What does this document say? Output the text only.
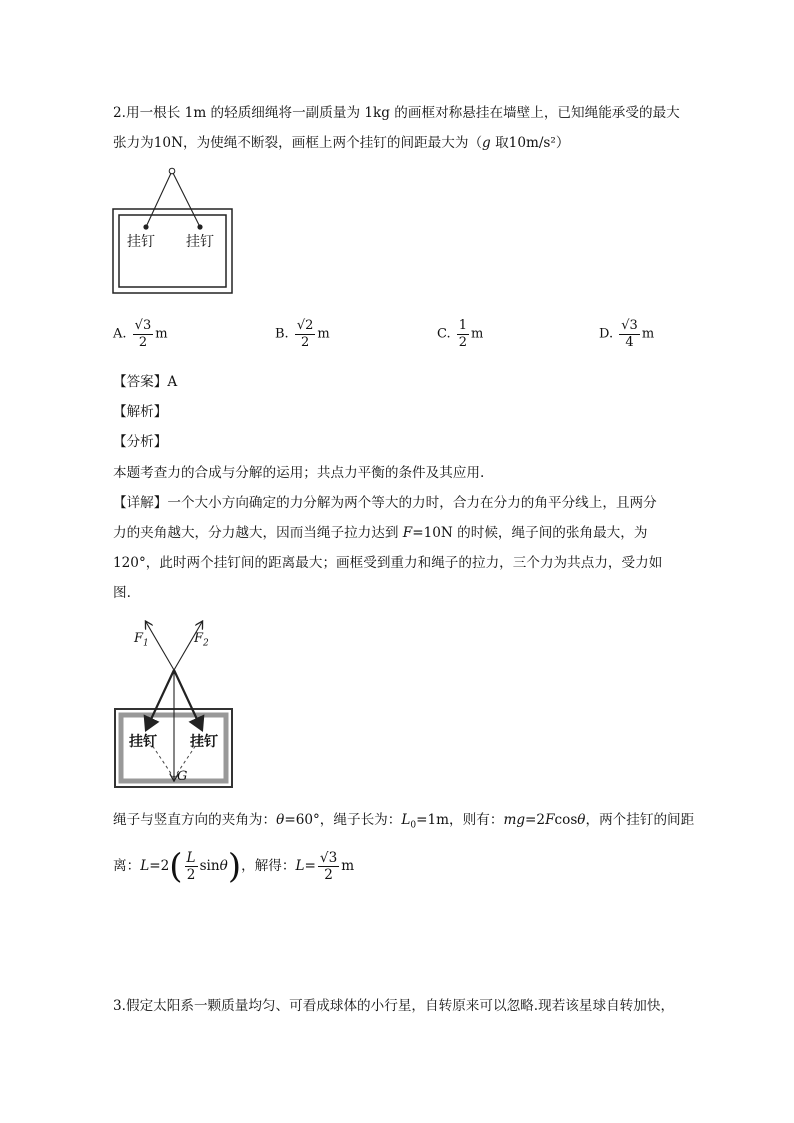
2.用一根长 1m 的轻质细绳将一副质量为 1kg 的画框对称悬挂在墙壁上，已知绳能承受的最大
张力为10N，为使绳不断裂，画框上两个挂钉的间距最大为（g 取10m/s²）
挂钉 挂钉
A. $\frac{√3}{2}$ m	B. $\frac{√2}{2}$ m	C. $\frac{1}{2}$ m	D. $\frac{√3}{4}$ m
【答案】A
【解析】
【分析】
本题考查力的合成与分解的运用；共点力平衡的条件及其应用.
【详解】一个大小方向确定的力分解为两个等大的力时，合力在分力的角平分线上，且两分
力的夹角越大，分力越大，因而当绳子拉力达到 F=10N 的时候，绳子间的张角最大，为
120°，此时两个挂钉间的距离最大；画框受到重力和绳子的拉力，三个力为共点力，受力如
图.
$F_1$	$F_2$
挂钉 挂钉
G
绳子与竖直方向的夹角为：θ=60°，绳子长为：$L_0=1m$，则有：mg=2Fcosθ，两个挂钉的间距
离：$L=2( \frac{L}{2} \sin\theta)$，解得：$L= \frac{√3}{2}$ m
3.假定太阳系一颗质量均匀、可看成球体的小行星，自转原来可以忽略.现若该星球自转加快，
